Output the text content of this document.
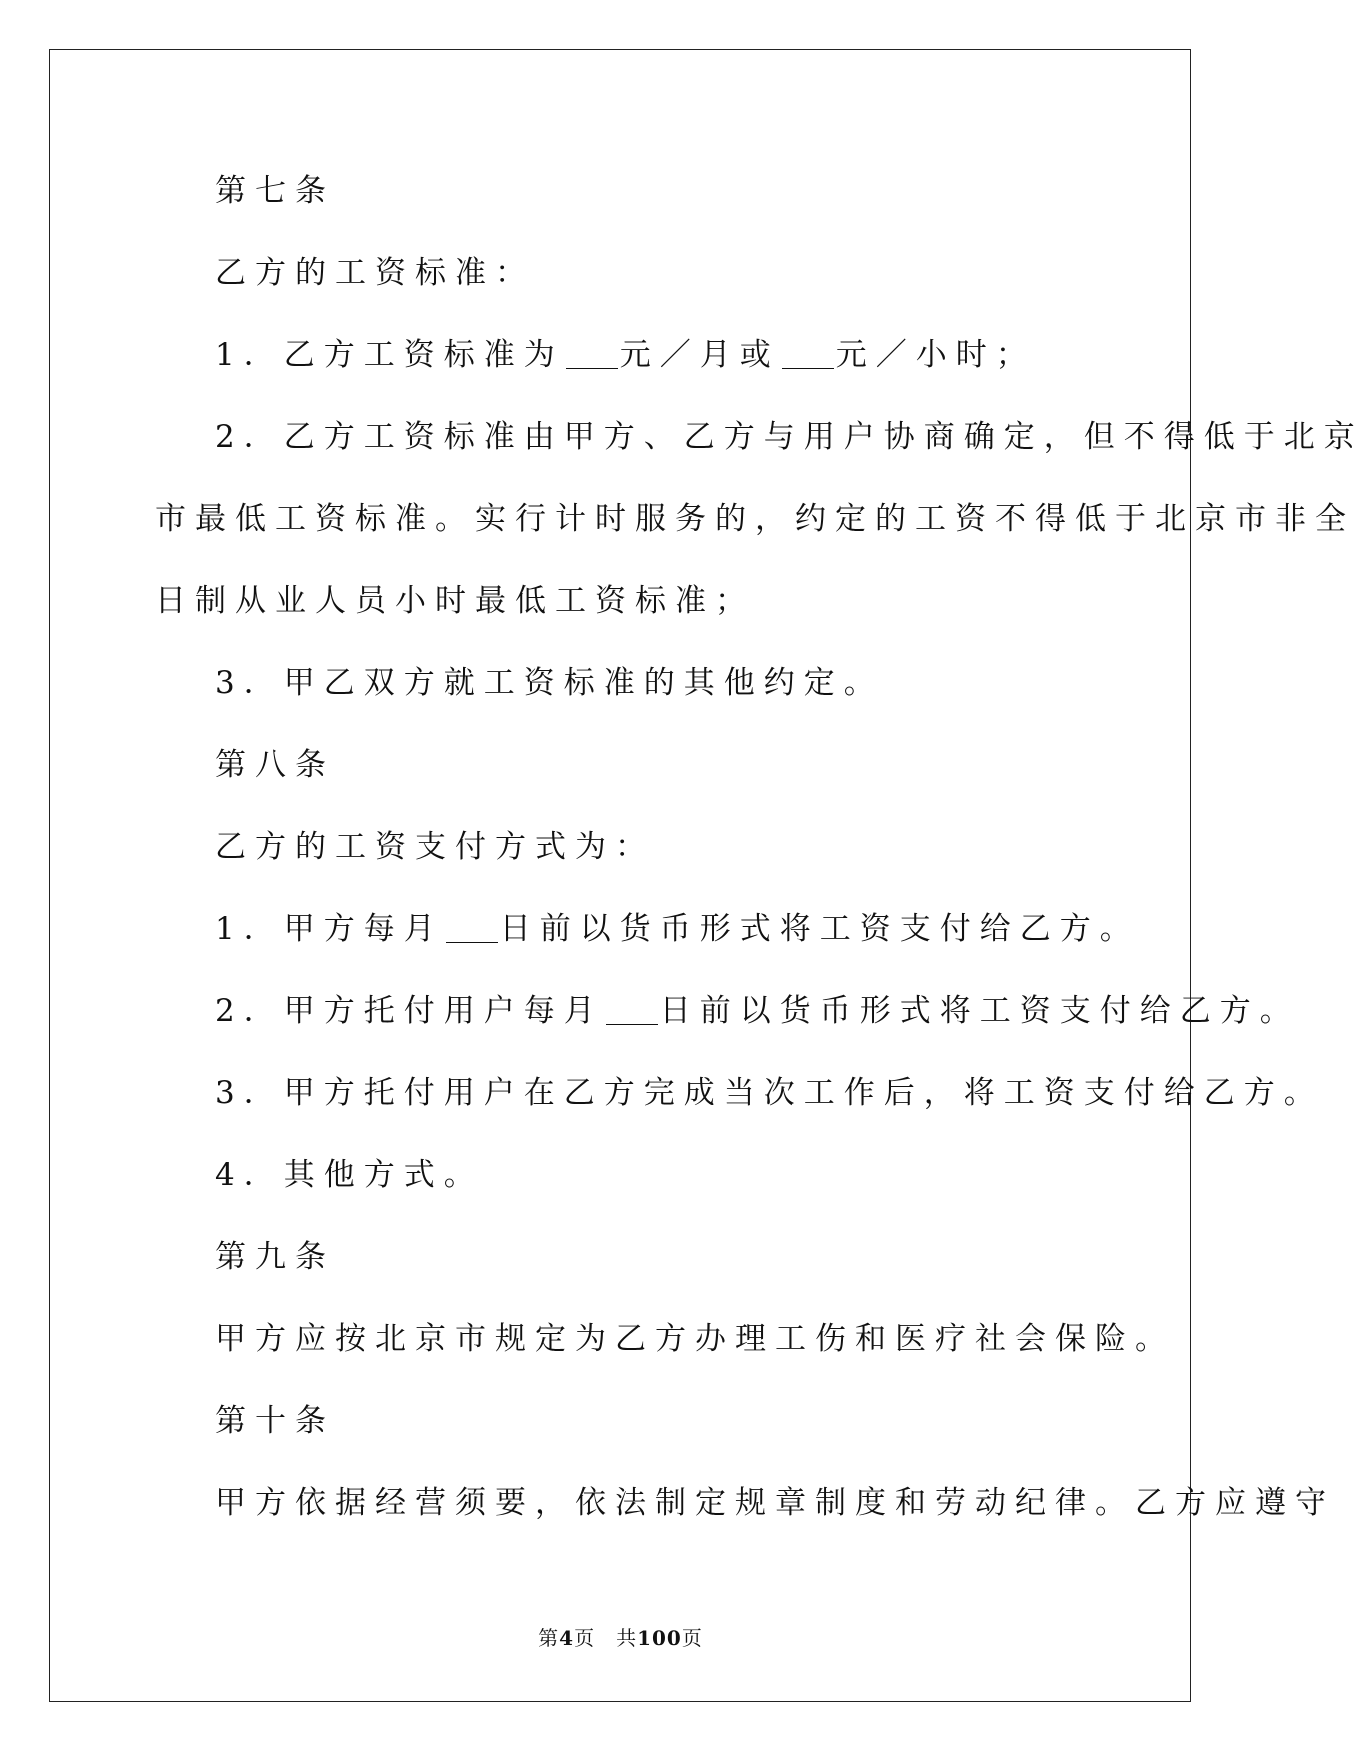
第七条
乙方的工资标准：
1．乙方工资标准为 元／月或 元／小时；
2．乙方工资标准由甲方、乙方与用户协商确定，但不得低于北京
市最低工资标准。实行计时服务的，约定的工资不得低于北京市非全
日制从业人员小时最低工资标准；
3．甲乙双方就工资标准的其他约定。
第八条
乙方的工资支付方式为：
1．甲方每月 日前以货币形式将工资支付给乙方。
2．甲方托付用户每月 日前以货币形式将工资支付给乙方。
3．甲方托付用户在乙方完成当次工作后，将工资支付给乙方。
4．其他方式。
第九条
甲方应按北京市规定为乙方办理工伤和医疗社会保险。
第十条
甲方依据经营须要，依法制定规章制度和劳动纪律。乙方应遵守
第4页　共100页
